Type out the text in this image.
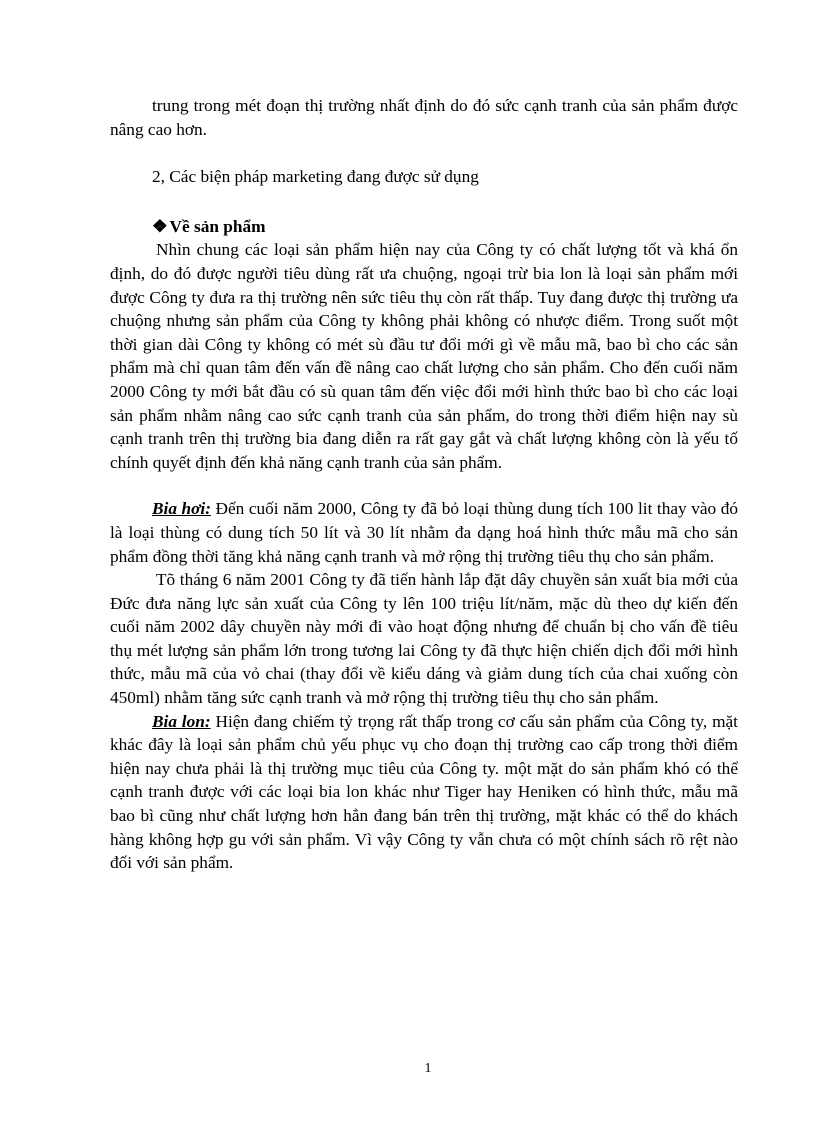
trung trong mét đoạn thị trường nhất định do đó sức cạnh tranh của sản phẩm được nâng cao hơn.

2, Các biện pháp marketing đang được sử dụng

❖ Về sản phẩm

Nhìn chung các loại sản phẩm hiện nay của Công ty có chất lượng tốt và khá ổn định, do đó được người tiêu dùng rất ưa chuộng, ngoại trừ bia lon là loại sản phẩm mới được Công ty đưa ra thị trường nên sức tiêu thụ còn rất thấp. Tuy đang được thị trường ưa chuộng nhưng sản phẩm của Công ty không phải không có nhược điểm. Trong suốt một thời gian dài Công ty không có mét sù đầu tư đổi mới gì về mẫu mã, bao bì cho các sản phẩm mà chỉ quan tâm đến vấn đề nâng cao chất lượng cho sản phẩm. Cho đến cuối năm 2000 Công ty mới bắt đầu có sù quan tâm đến việc đổi mới hình thức bao bì cho các loại sản phẩm nhằm nâng cao sức cạnh tranh của sản phẩm, do trong thời điểm hiện nay sù cạnh tranh trên thị trường bia đang diễn ra rất gay gắt và chất lượng không còn là yếu tố chính quyết định đến khả năng cạnh tranh của sản phẩm.

Bia hơi: Đến cuối năm 2000, Công ty đã bỏ loại thùng dung tích 100 lit thay vào đó là loại thùng có dung tích 50 lít và 30 lít nhằm đa dạng hoá hình thức mẫu mã cho sản phẩm đồng thời tăng khả năng cạnh tranh và mở rộng thị trường tiêu thụ cho sản phẩm.

Tõ tháng 6 năm 2001 Công ty đã tiến hành lắp đặt dây chuyền sản xuất bia mới của Đức đưa năng lực sản xuất của Công ty lên 100 triệu lít/năm, mặc dù theo dự kiến đến cuối năm 2002 dây chuyền này mới đi vào hoạt động nhưng để chuẩn bị cho vấn đề tiêu thụ mét lượng sản phẩm lớn trong tương lai Công ty đã thực hiện chiến dịch đổi mới hình thức, mẫu mã của vỏ chai (thay đổi về kiểu dáng và giảm dung tích của chai xuống còn 450ml) nhằm tăng sức cạnh tranh và mở rộng thị trường tiêu thụ cho sản phẩm.

Bia lon: Hiện đang chiếm tỷ trọng rất thấp trong cơ cấu sản phẩm của Công ty, mặt khác đây là loại sản phẩm chủ yếu phục vụ cho đoạn thị trường cao cấp trong thời điểm hiện nay chưa phải là thị trường mục tiêu của Công ty. một mặt do sản phẩm khó có thể cạnh tranh được với các loại bia lon khác như Tiger hay Heniken có hình thức, mẫu mã bao bì cũng như chất lượng hơn hẳn đang bán trên thị trường, mặt khác có thể do khách hàng không hợp gu với sản phẩm. Vì vậy Công ty vẫn chưa có một chính sách rõ rệt nào đối với sản phẩm.

1
